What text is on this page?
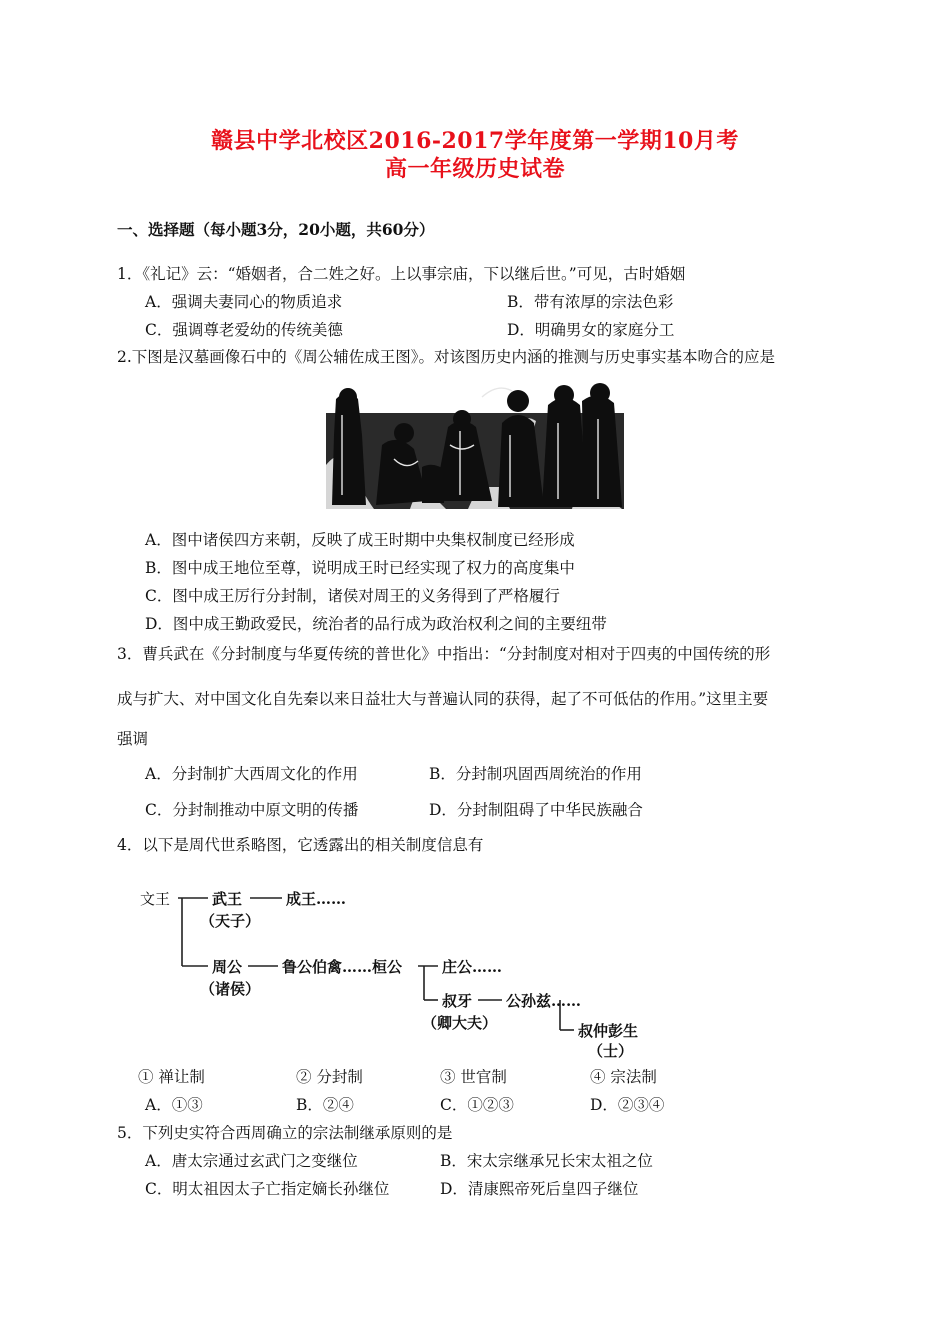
赣县中学北校区2016-2017学年度第一学期10月考
高一年级历史试卷
一、选择题（每小题3分，20小题，共60分）
1．《礼记》云：“婚姻者，合二姓之好。上以事宗庙，下以继后世。”可见，古时婚姻
A．强调夫妻同心的物质追求	B．带有浓厚的宗法色彩
C．强调尊老爱幼的传统美德	D．明确男女的家庭分工
2.下图是汉墓画像石中的《周公辅佐成王图》。对该图历史内涵的推测与历史事实基本吻合的应是
A．图中诸侯四方来朝，反映了成王时期中央集权制度已经形成
B．图中成王地位至尊，说明成王时已经实现了权力的高度集中
C．图中成王厉行分封制，诸侯对周王的义务得到了严格履行
D．图中成王勤政爱民，统治者的品行成为政治权利之间的主要纽带
3．曹兵武在《分封制度与华夏传统的普世化》中指出：“分封制度对相对于四夷的中国传统的形
成与扩大、对中国文化自先秦以来日益壮大与普遍认同的获得，起了不可低估的作用。”这里主要
强调
A．分封制扩大西周文化的作用	B．分封制巩固西周统治的作用
C．分封制推动中原文明的传播	D．分封制阻碍了中华民族融合
4．以下是周代世系略图，它透露出的相关制度信息有
文王	武王	成王……
（天子）
周公
（诸侯）
鲁公伯禽……桓公	庄公……
叔牙 公孙兹……
（卿大夫）	叔仲彭生
（士）
① 禅让制	② 分封制	③ 世官制	④ 宗法制
A．①③	B．②④	C．①②③	D．②③④
5．下列史实符合西周确立的宗法制继承原则的是
A．唐太宗通过玄武门之变继位	B．宋太宗继承兄长宋太祖之位
C．明太祖因太子亡指定嫡长孙继位	D．清康熙帝死后皇四子继位
